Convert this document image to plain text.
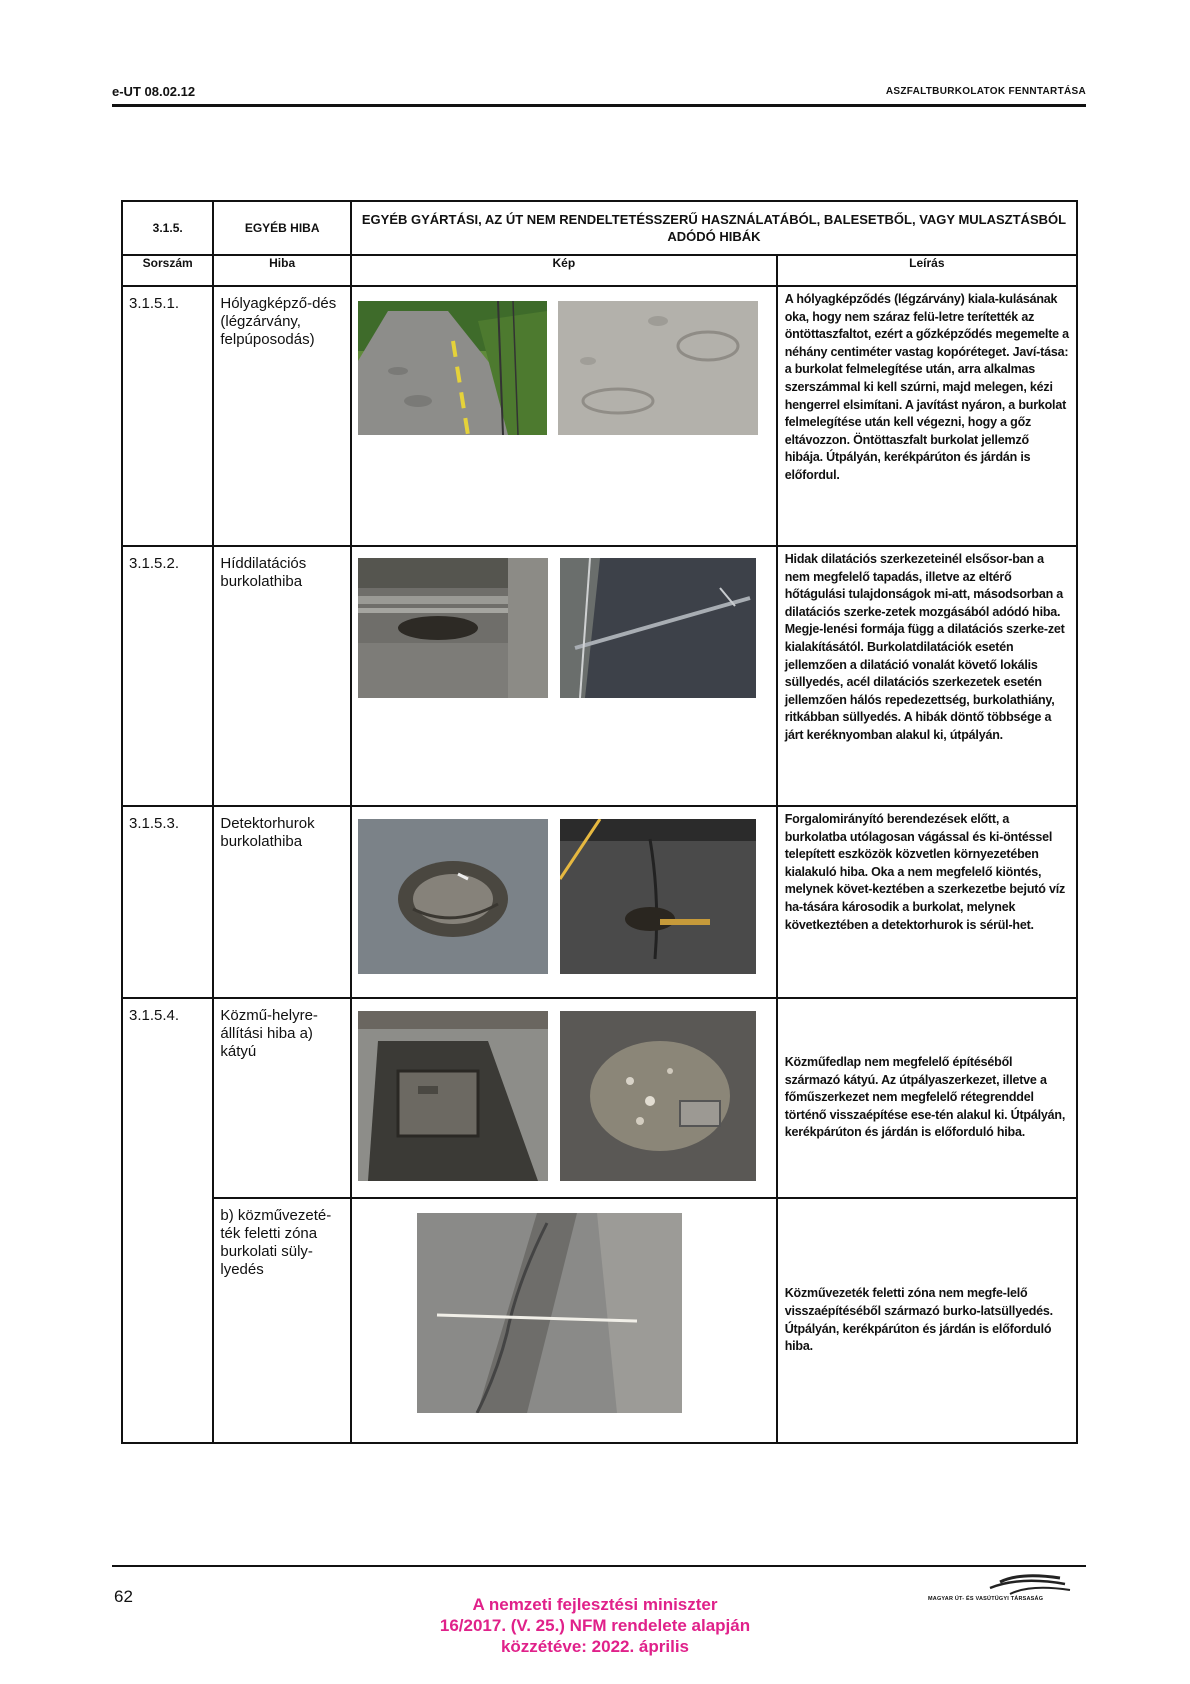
e-UT 08.02.12	ASZFALTBURKOLATOK FENNTARTÁSA
3.1.5.	EGYÉB HIBA	EGYÉB GYÁRTÁSI, AZ ÚT NEM RENDELTETÉSSZERŰ HASZNÁLATÁBÓL, BALESETBŐL, VAGY MULASZTÁSBÓL ADÓDÓ HIBÁK	
Sorszám	Hiba	Kép	Leírás
3.1.5.1.	Hólyagképző-dés (légzárvány, felpúposodás)		A hólyagképződés (légzárvány) kiala-kulásának oka, hogy nem száraz felü-letre terítették az öntöttaszfaltot, ezért a gőzképződés megemelte a néhány centiméter vastag kopóréteget. Javí-tása: a burkolat felmelegítése után, arra alkalmas szerszámmal ki kell szúrni, majd melegen, kézi hengerrel elsimítani. A javítást nyáron, a burkolat felmelegítése után kell végezni, hogy a gőz eltávozzon. Öntöttaszfalt burkolat jellemző hibája. Útpályán, kerékpárúton és járdán is előfordul.
3.1.5.2.	Híddilatációs burkolathiba		Hidak dilatációs szerkezeteinél elsősor-ban a nem megfelelő tapadás, illetve az eltérő hőtágulási tulajdonságok mi-att, másodsorban a dilatációs szerke-zetek mozgásából adódó hiba. Megje-lenési formája függ a dilatációs szerke-zet kialakításától. Burkolatdilatációk esetén jellemzően a dilatáció vonalát követő lokális süllyedés, acél dilatációs szerkezetek esetén jellemzően hálós repedezettség, burkolathiány, ritkábban süllyedés. A hibák döntő többsége a járt keréknyomban alakul ki, útpályán.
3.1.5.3.	Detektorhurok burkolathiba		Forgalomirányító berendezések előtt, a burkolatba utólagosan vágással és ki-öntéssel telepített eszközök közvetlen környezetében kialakuló hiba. Oka a nem megfelelő kiöntés, melynek követ-keztében a szerkezetbe bejutó víz ha-tására károsodik a burkolat, melynek következtében a detektorhurok is sérül-het.
3.1.5.4.	Közmű-helyre-állítási hiba a) kátyú		Közműfedlap nem megfelelő építéséből származó kátyú. Az útpályaszerkezet, illetve a főműszerkezet nem megfelelő rétegrenddel történő visszaépítése ese-tén alakul ki. Útpályán, kerékpárúton és járdán is előforduló hiba.
	b) közművezeté-ték feletti zóna burkolati süly-lyedés		Közművezeték feletti zóna nem megfe-lelő visszaépítéséből származó burko-latsüllyedés. Útpályán, kerékpárúton és járdán is előforduló hiba.
62	A nemzeti fejlesztési miniszter
16/2017. (V. 25.) NFM rendelete alapján
közzétéve: 2022. április
MAGYAR ÚT- ÉS VASÚTÜGYI TÁRSASÁG
